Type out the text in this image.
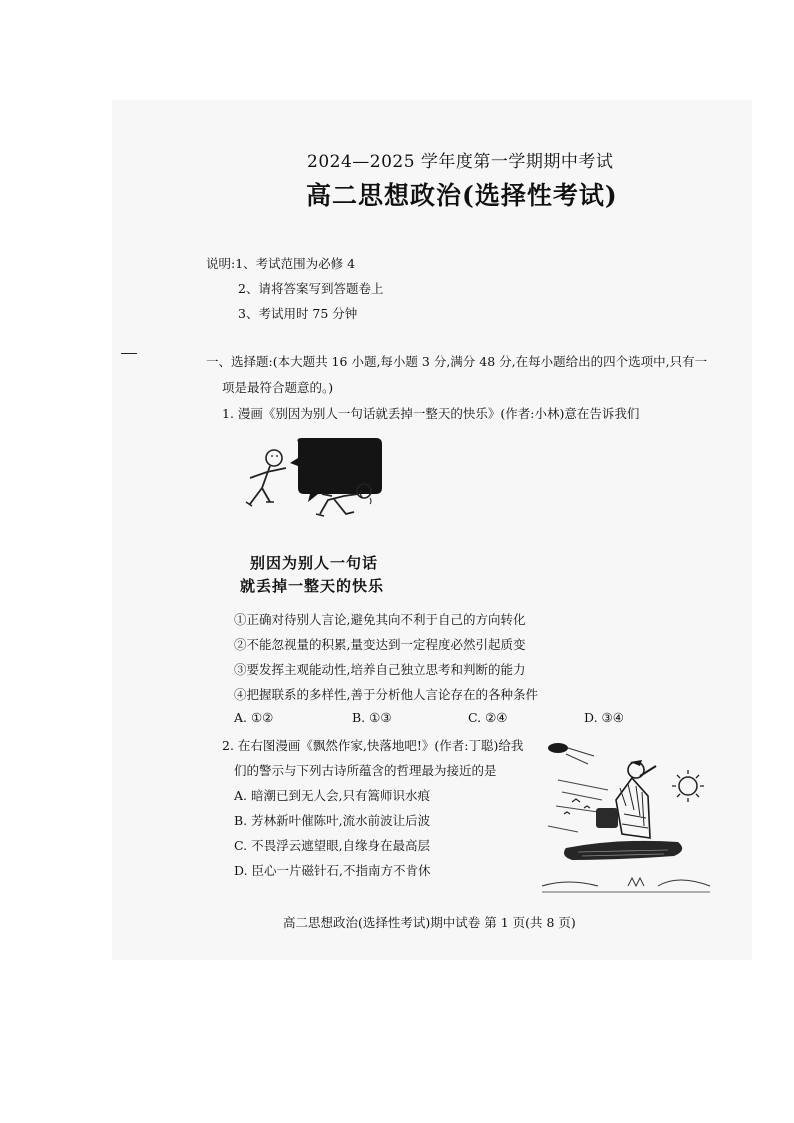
2024—2025 学年度第一学期期中考试
高二思想政治(选择性考试)
说明:1、考试范围为必修 4
2、请将答案写到答题卷上
3、考试用时 75 分钟
一、选择题:(本大题共 16 小题,每小题 3 分,满分 48 分,在每小题给出的四个选项中,只有一
项是最符合题意的。)
1. 漫画《别因为别人一句话就丢掉一整天的快乐》(作者:小林)意在告诉我们
别因为别人一句话
就丢掉一整天的快乐
①正确对待别人言论,避免其向不利于自己的方向转化
②不能忽视量的积累,量变达到一定程度必然引起质变
③要发挥主观能动性,培养自己独立思考和判断的能力
④把握联系的多样性,善于分析他人言论存在的各种条件
A. ①②	B. ①③	C. ②④	D. ③④
2. 在右图漫画《飘然作家,快落地吧!》(作者:丁聪)给我
们的警示与下列古诗所蕴含的哲理最为接近的是
A. 暗潮已到无人会,只有篙师识水痕
B. 芳林新叶催陈叶,流水前波让后波
C. 不畏浮云遮望眼,自缘身在最高层
D. 臣心一片磁针石,不指南方不肯休
高二思想政治(选择性考试)期中试卷 第 1 页(共 8 页)
